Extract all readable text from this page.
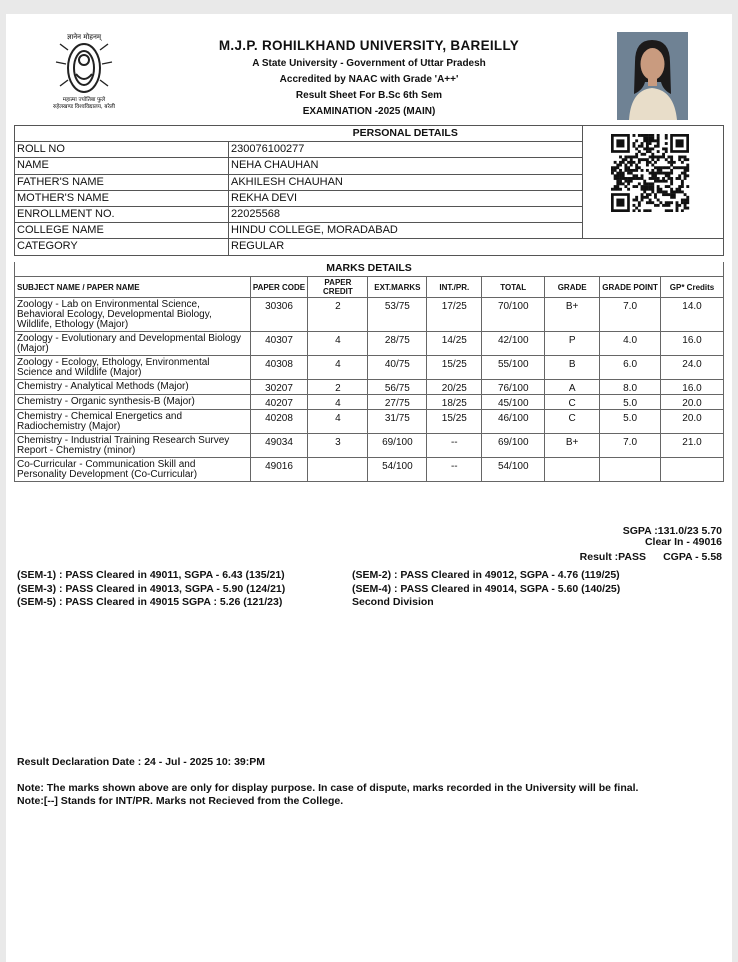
ज्ञानेन मोहनम्
महात्मा ज्योतिबा फुले
रुहेलखण्ड विश्वविद्यालय, बरेली
M.J.P. ROHILKHAND UNIVERSITY, BAREILLY
A State University - Government of Uttar Pradesh
Accredited by NAAC with Grade 'A++'
Result Sheet For B.Sc 6th Sem
EXAMINATION -2025 (MAIN)
	PERSONAL DETAILS	
ROLL NO	230076100277	
NAME	NEHA CHAUHAN	
FATHER'S NAME	AKHILESH CHAUHAN	
MOTHER'S NAME	REKHA DEVI	
ENROLLMENT NO.	22025568	
COLLEGE NAME	HINDU COLLEGE, MORADABAD	
CATEGORY	REGULAR	
MARKS DETAILS								
SUBJECT NAME / PAPER NAME	PAPER CODE	PAPER CREDIT	EXT.MARKS	INT./PR.	TOTAL	GRADE	GRADE POINT	GP* Credits
Zoology - Lab on Environmental Science, Behavioral Ecology, Developmental Biology, Wildlife, Ethology (Major)	30306	2	53/75	17/25	70/100	B+	7.0	14.0
Zoology - Evolutionary and Developmental Biology (Major)	40307	4	28/75	14/25	42/100	P	4.0	16.0
Zoology - Ecology, Ethology, Environmental Science and Wildlife (Major)	40308	4	40/75	15/25	55/100	B	6.0	24.0
Chemistry - Analytical Methods (Major)	30207	2	56/75	20/25	76/100	A	8.0	16.0
Chemistry - Organic synthesis-B (Major)	40207	4	27/75	18/25	45/100	C	5.0	20.0
Chemistry - Chemical Energetics and Radiochemistry (Major)	40208	4	31/75	15/25	46/100	C	5.0	20.0
Chemistry - Industrial Training Research Survey Report - Chemistry (minor)	49034	3	69/100	--	69/100	B+	7.0	21.0
Co-Curricular - Communication Skill and Personality Development (Co-Curricular)	49016		54/100	--	54/100			
SGPA :131.0/23 5.70
Clear In - 49016
Result :PASS	CGPA - 5.58
(SEM-1) : PASS Cleared in 49011, SGPA - 6.43 (135/21)
(SEM-3) : PASS Cleared in 49013, SGPA - 5.90 (124/21)
(SEM-5) : PASS Cleared in 49015 SGPA : 5.26 (121/23)
(SEM-2) : PASS Cleared in 49012, SGPA - 4.76 (119/25)
(SEM-4) : PASS Cleared in 49014, SGPA - 5.60 (140/25)
Second Division
Result Declaration Date : 24 - Jul - 2025 10: 39:PM
Note: The marks shown above are only for display purpose. In case of dispute, marks recorded in the University will be final.
Note:[--] Stands for INT/PR. Marks not Recieved from the College.
